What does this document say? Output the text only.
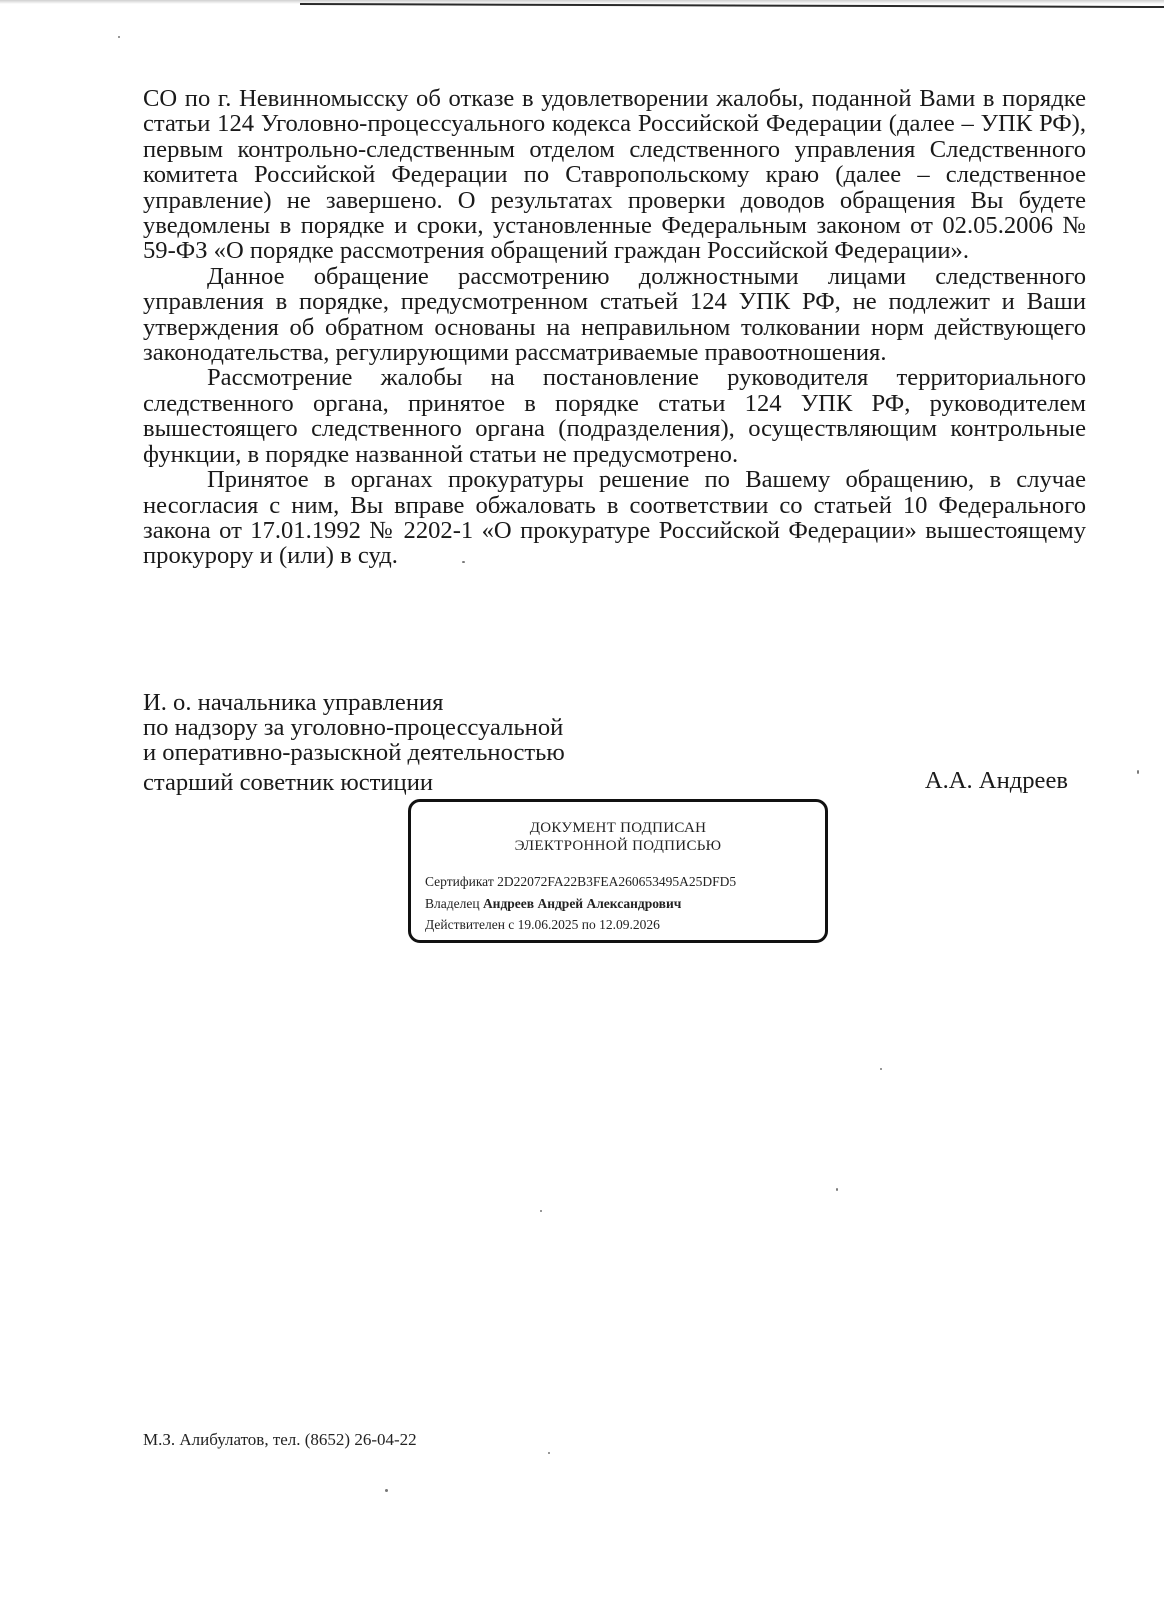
СО по г. Невинномысску об отказе в удовлетворении жалобы, поданной Вами в порядке статьи 124 Уголовно-процессуального кодекса Российской Федерации (далее – УПК РФ), первым контрольно-следственным отделом следственного управления Следственного комитета Российской Федерации по Ставропольскому краю (далее – следственное управление) не завершено. О результатах проверки доводов обращения Вы будете уведомлены в порядке и сроки, установленные Федеральным законом от 02.05.2006 № 59-ФЗ «О порядке рассмотрения обращений граждан Российской Федерации».

Данное обращение рассмотрению должностными лицами следственного управления в порядке, предусмотренном статьей 124 УПК РФ, не подлежит и Ваши утверждения об обратном основаны на неправильном толковании норм действующего законодательства, регулирующими рассматриваемые правоотношения.

Рассмотрение жалобы на постановление руководителя территориального следственного органа, принятое в порядке статьи 124 УПК РФ, руководителем вышестоящего следственного органа (подразделения), осуществляющим контрольные функции, в порядке названной статьи не предусмотрено.

Принятое в органах прокуратуры решение по Вашему обращению, в случае несогласия с ним, Вы вправе обжаловать в соответствии со статьей 10 Федерального закона от 17.01.1992 № 2202-1 «О прокуратуре Российской Федерации» вышестоящему прокурору и (или) в суд.

И. о. начальника управления
по надзору за уголовно-процессуальной
и оперативно-разыскной деятельностью
старший советник юстиции	А.А. Андреев
ДОКУМЕНТ ПОДПИСАН
ЭЛЕКТРОННОЙ ПОДПИСЬЮ
Сертификат 2D22072FA22B3FEA260653495A25DFD5
Владелец Андреев Андрей Александрович
Действителен с 19.06.2025 по 12.09.2026
М.З. Алибулатов, тел. (8652) 26-04-22
